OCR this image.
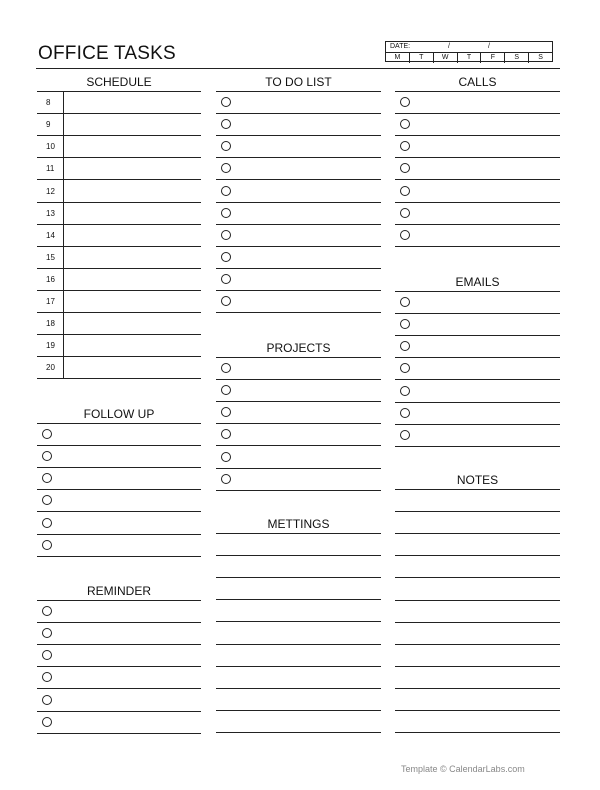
OFFICE TASKS	DATE:	/	/
M	T	W	T	F	S	S
SCHEDULE
FOLLOW UP
REMINDER
8
9
10
11
12
13
14
15
16
17
18
19
20
TO DO LIST
PROJECTS
METTINGS
CALLS
EMAILS
NOTES
Template © CalendarLabs.com
